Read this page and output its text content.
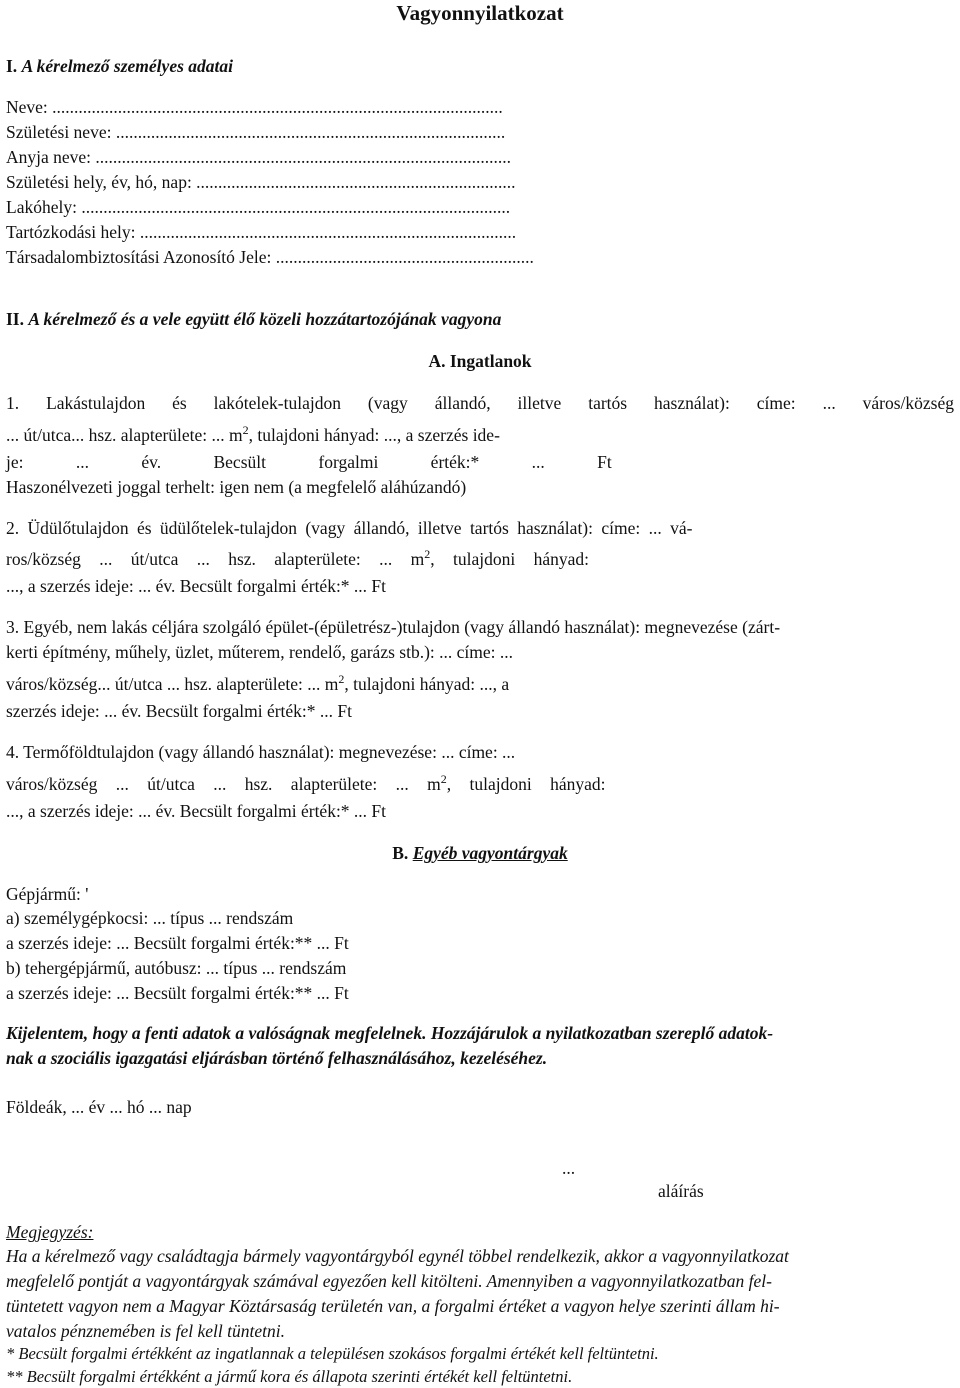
Vagyonnyilatkozat
I. A kérelmező személyes adatai
Neve: .......................................................................................................
Születési neve: .........................................................................................
Anyja neve: ...............................................................................................
Születési hely, év, hó, nap: .........................................................................
Lakóhely: ..................................................................................................
Tartózkodási hely: ......................................................................................
Társadalombiztosítási Azonosító Jele: ...........................................................
II. A kérelmező és a vele együtt élő közeli hozzátartozójának vagyona
A. Ingatlanok
1. Lakástulajdon és lakótelek-tulajdon (vagy állandó, illetve tartós használat): címe: ... város/község
... út/utca... hsz. alapterülete: ... $m^2$, tulajdoni hányad: ..., a szerzés ide-
je: ... év. Becsült forgalmi érték:* ... Ft
Haszonélvezeti joggal terhelt: igen nem (a megfelelő aláhúzandó)
2. Üdülőtulajdon és üdülőtelek-tulajdon (vagy állandó, illetve tartós használat): címe: ... vá-
ros/község ... út/utca ... hsz. alapterülete: ... $m^2$, tulajdoni hányad:
..., a szerzés ideje: ... év. Becsült forgalmi érték:* ... Ft
3. Egyéb, nem lakás céljára szolgáló épület-(épületrész-)tulajdon (vagy állandó használat): megnevezése (zárt-
kerti építmény, műhely, üzlet, műterem, rendelő, garázs stb.): ... címe: ...
város/község... út/utca ... hsz. alapterülete: ... $m^2$, tulajdoni hányad: ..., a
szerzés ideje: ... év. Becsült forgalmi érték:* ... Ft
4. Termőföldtulajdon (vagy állandó használat): megnevezése: ... címe: ...
város/község ... út/utca ... hsz. alapterülete: ... $m^2$, tulajdoni hányad:
..., a szerzés ideje: ... év. Becsült forgalmi érték:* ... Ft
B. Egyéb vagyontárgyak
Gépjármű: '
a) személygépkocsi: ... típus ... rendszám
a szerzés ideje: ... Becsült forgalmi érték:** ... Ft
b) tehergépjármű, autóbusz: ... típus ... rendszám
a szerzés ideje: ... Becsült forgalmi érték:** ... Ft
Kijelentem, hogy a fenti adatok a valóságnak megfelelnek. Hozzájárulok a nyilatkozatban szereplő adatok-
nak a szociális igazgatási eljárásban történő felhasználásához, kezeléséhez.
Földeák, ... év ... hó ... nap
...
aláírás
Megjegyzés:
Ha a kérelmező vagy családtagja bármely vagyontárgyból egynél többel rendelkezik, akkor a vagyonnyilatkozat
megfelelő pontját a vagyontárgyak számával egyezően kell kitölteni. Amennyiben a vagyonnyilatkozatban fel-
tüntetett vagyon nem a Magyar Köztársaság területén van, a forgalmi értéket a vagyon helye szerinti állam hi-
vatalos pénznemében is fel kell tüntetni.
* Becsült forgalmi értékként az ingatlannak a településen szokásos forgalmi értékét kell feltüntetni.
** Becsült forgalmi értékként a jármű kora és állapota szerinti értékét kell feltüntetni.
